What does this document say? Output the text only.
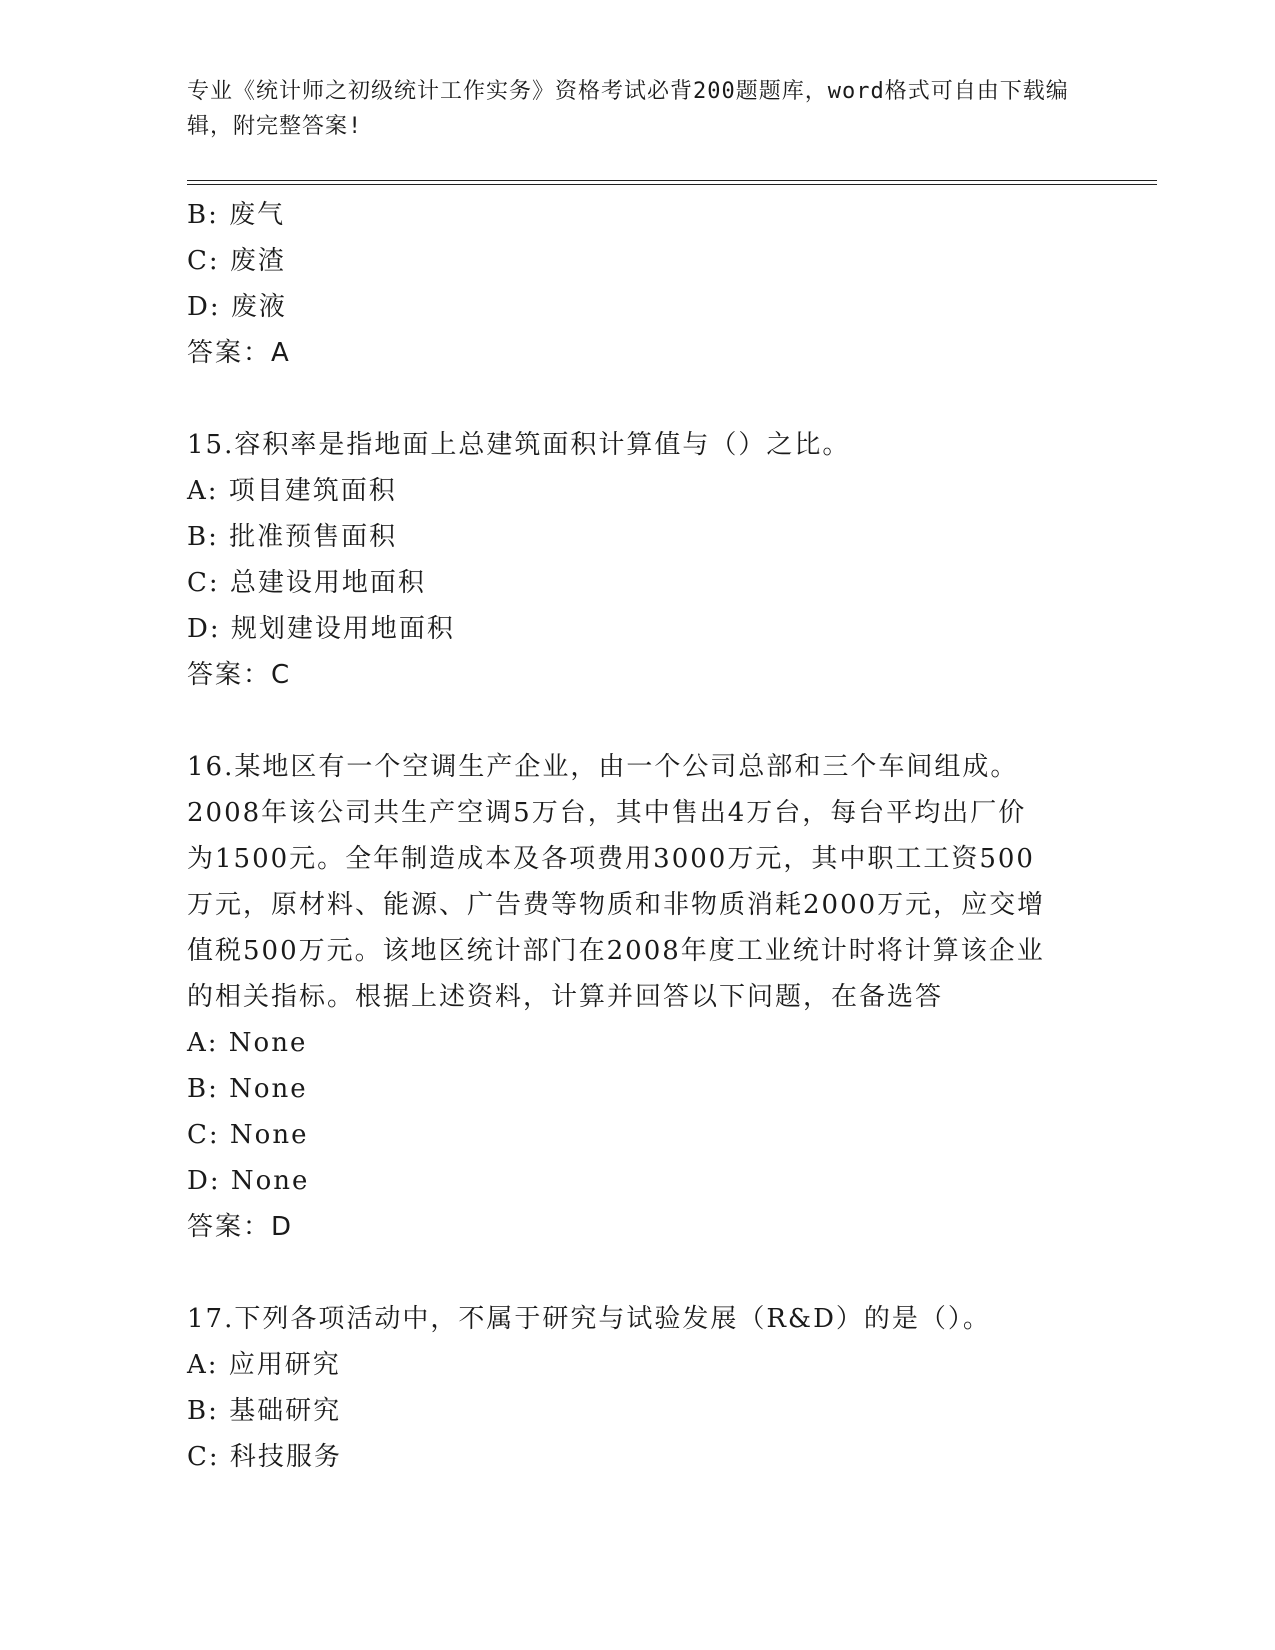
专业《统计师之初级统计工作实务》资格考试必背200题题库，word格式可自由下载编辑，附完整答案!
B: 废气
C: 废渣
D: 废液
答案：A
15.容积率是指地面上总建筑面积计算值与（）之比。
A: 项目建筑面积
B: 批准预售面积
C: 总建设用地面积
D: 规划建设用地面积
答案：C
16.某地区有一个空调生产企业，由一个公司总部和三个车间组成。
2008年该公司共生产空调5万台，其中售出4万台，每台平均出厂价
为1500元。全年制造成本及各项费用3000万元，其中职工工资500
万元，原材料、能源、广告费等物质和非物质消耗2000万元，应交增
值税500万元。该地区统计部门在2008年度工业统计时将计算该企业
的相关指标。根据上述资料，计算并回答以下问题，在备选答
A: None
B: None
C: None
D: None
答案：D
17.下列各项活动中，不属于研究与试验发展（R&D）的是（）。
A: 应用研究
B: 基础研究
C: 科技服务
